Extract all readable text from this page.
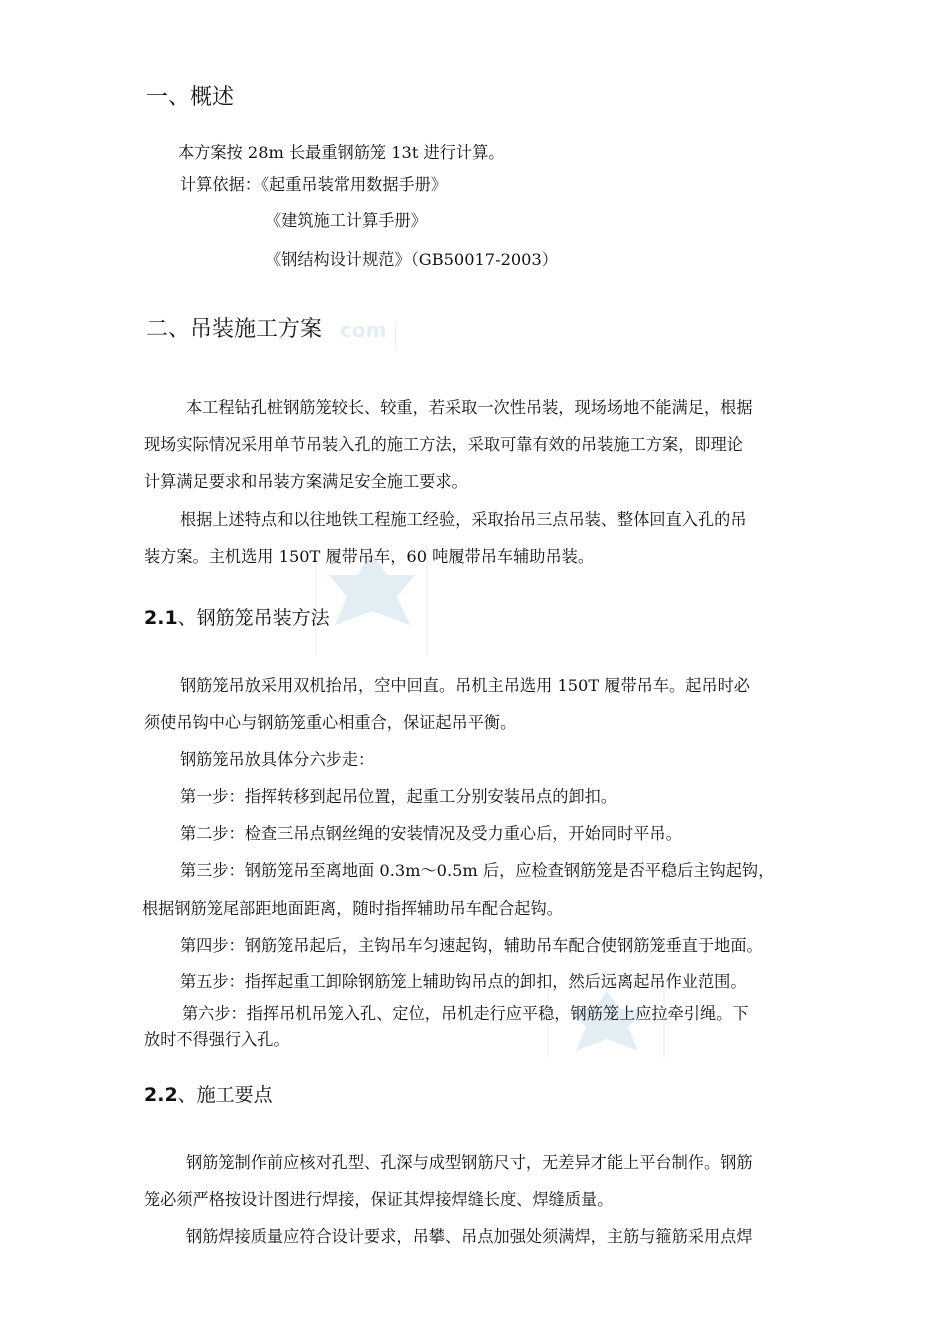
com
一、概述
本方案按 28m 长最重钢筋笼 13t 进行计算。
计算依据：《起重吊装常用数据手册》
《建筑施工计算手册》
《钢结构设计规范》（GB50017-2003）
二、吊装施工方案
本工程钻孔桩钢筋笼较长、较重，若采取一次性吊装，现场场地不能满足，根据
现场实际情况采用单节吊装入孔的施工方法，采取可靠有效的吊装施工方案，即理论
计算满足要求和吊装方案满足安全施工要求。
根据上述特点和以往地铁工程施工经验，采取抬吊三点吊装、整体回直入孔的吊
装方案。主机选用 150T 履带吊车，60 吨履带吊车辅助吊装。
2.1、钢筋笼吊装方法
钢筋笼吊放采用双机抬吊，空中回直。吊机主吊选用 150T 履带吊车。起吊时必
须使吊钩中心与钢筋笼重心相重合，保证起吊平衡。
钢筋笼吊放具体分六步走：
第一步：指挥转移到起吊位置，起重工分别安装吊点的卸扣。
第二步：检查三吊点钢丝绳的安装情况及受力重心后，开始同时平吊。
第三步：钢筋笼吊至离地面 0.3m～0.5m 后，应检查钢筋笼是否平稳后主钩起钩，
根据钢筋笼尾部距地面距离，随时指挥辅助吊车配合起钩。
第四步：钢筋笼吊起后，主钩吊车匀速起钩，辅助吊车配合使钢筋笼垂直于地面。
第五步：指挥起重工卸除钢筋笼上辅助钩吊点的卸扣，然后远离起吊作业范围。
第六步：指挥吊机吊笼入孔、定位，吊机走行应平稳，钢筋笼上应拉牵引绳。下
放时不得强行入孔。
2.2、施工要点
钢筋笼制作前应核对孔型、孔深与成型钢筋尺寸，无差异才能上平台制作。钢筋
笼必须严格按设计图进行焊接，保证其焊接焊缝长度、焊缝质量。
钢筋焊接质量应符合设计要求，吊攀、吊点加强处须满焊，主筋与箍筋采用点焊
